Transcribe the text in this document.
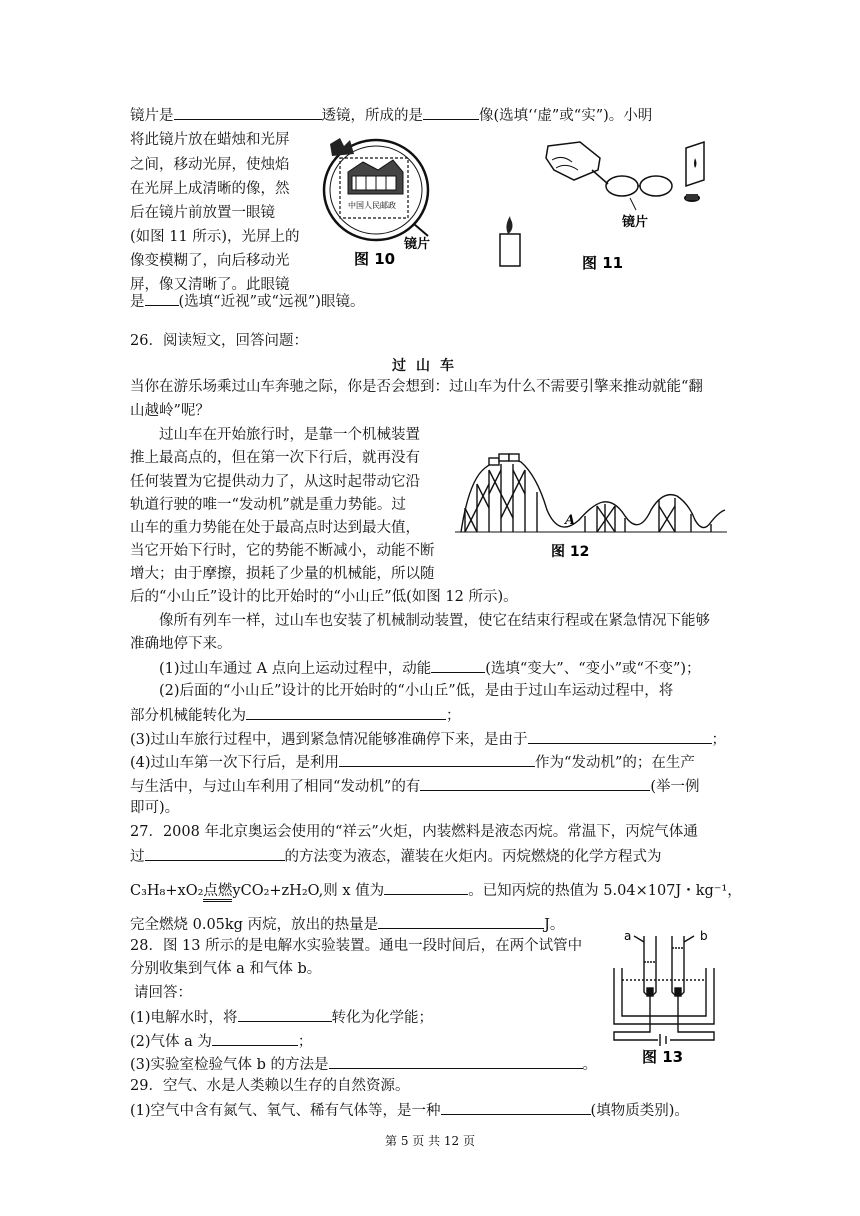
镜片是	透镜，所成的是	像(选填‘‘虚”或“实”)。小明
将此镜片放在蜡烛和光屏
之间，移动光屏，使烛焰
在光屏上成清晰的像，然
后在镜片前放置一眼镜
(如图 11 所示)，光屏上的
像变模糊了，向后移动光
屏，像又清晰了。此眼镜
是 (选填“近视”或“远视”)眼镜。
中国人民邮政
镜片
图 10
镜片
图 11
26．阅读短文，回答问题：
过山车
当你在游乐场乘过山车奔驰之际，你是否会想到：过山车为什么不需要引擎来推动就能“翻
山越岭”呢？
过山车在开始旅行时，是靠一个机械装置
推上最高点的，但在第一次下行后，就再没有
任何装置为它提供动力了，从这时起带动它沿
轨道行驶的唯一“发动机”就是重力势能。过
山车的重力势能在处于最高点时达到最大值，
当它开始下行时，它的势能不断减小，动能不断
增大；由于摩擦，损耗了少量的机械能，所以随
后的“小山丘”设计的比开始时的“小山丘”低(如图 12 所示)。
像所有列车一样，过山车也安装了机械制动装置，使它在结束行程或在紧急情况下能够
准确地停下来。
A
图 12
(1)过山车通过 A 点向上运动过程中，动能	(选填“变大”、“变小”或“不变”)；
(2)后面的“小山丘”设计的比开始时的“小山丘”低，是由于过山车运动过程中，将
部分机械能转化为	；
(3)过山车旅行过程中，遇到紧急情况能够准确停下来，是由于	；
(4)过山车第一次下行后，是利用	作为“发动机”的；在生产
与生活中，与过山车利用了相同“发动机”的有	(举一例
即可)。
27．2008 年北京奥运会使用的“祥云”火炬，内装燃料是液态丙烷。常温下，丙烷气体通
过	的方法变为液态，灌装在火炬内。丙烷燃烧的化学方程式为
C₃H₈+xO₂点燃yCO₂+zH₂O,则 x 值为	。已知丙烷的热值为 5.04×107J・kg⁻¹，
完全燃烧 0.05kg 丙烷，放出的热量是	J。
28．图 13 所示的是电解水实验装置。通电一段时间后，在两个试管中
分别收集到气体 a 和气体 b。
请回答：
(1)电解水时，将	转化为化学能；
(2)气体 a 为	；
(3)实验室检验气体 b 的方法是	。
a	b
图 13
29．空气、水是人类赖以生存的自然资源。
(1)空气中含有氮气、氧气、稀有气体等，是一种	(填物质类别)。
第 5 页 共 12 页
